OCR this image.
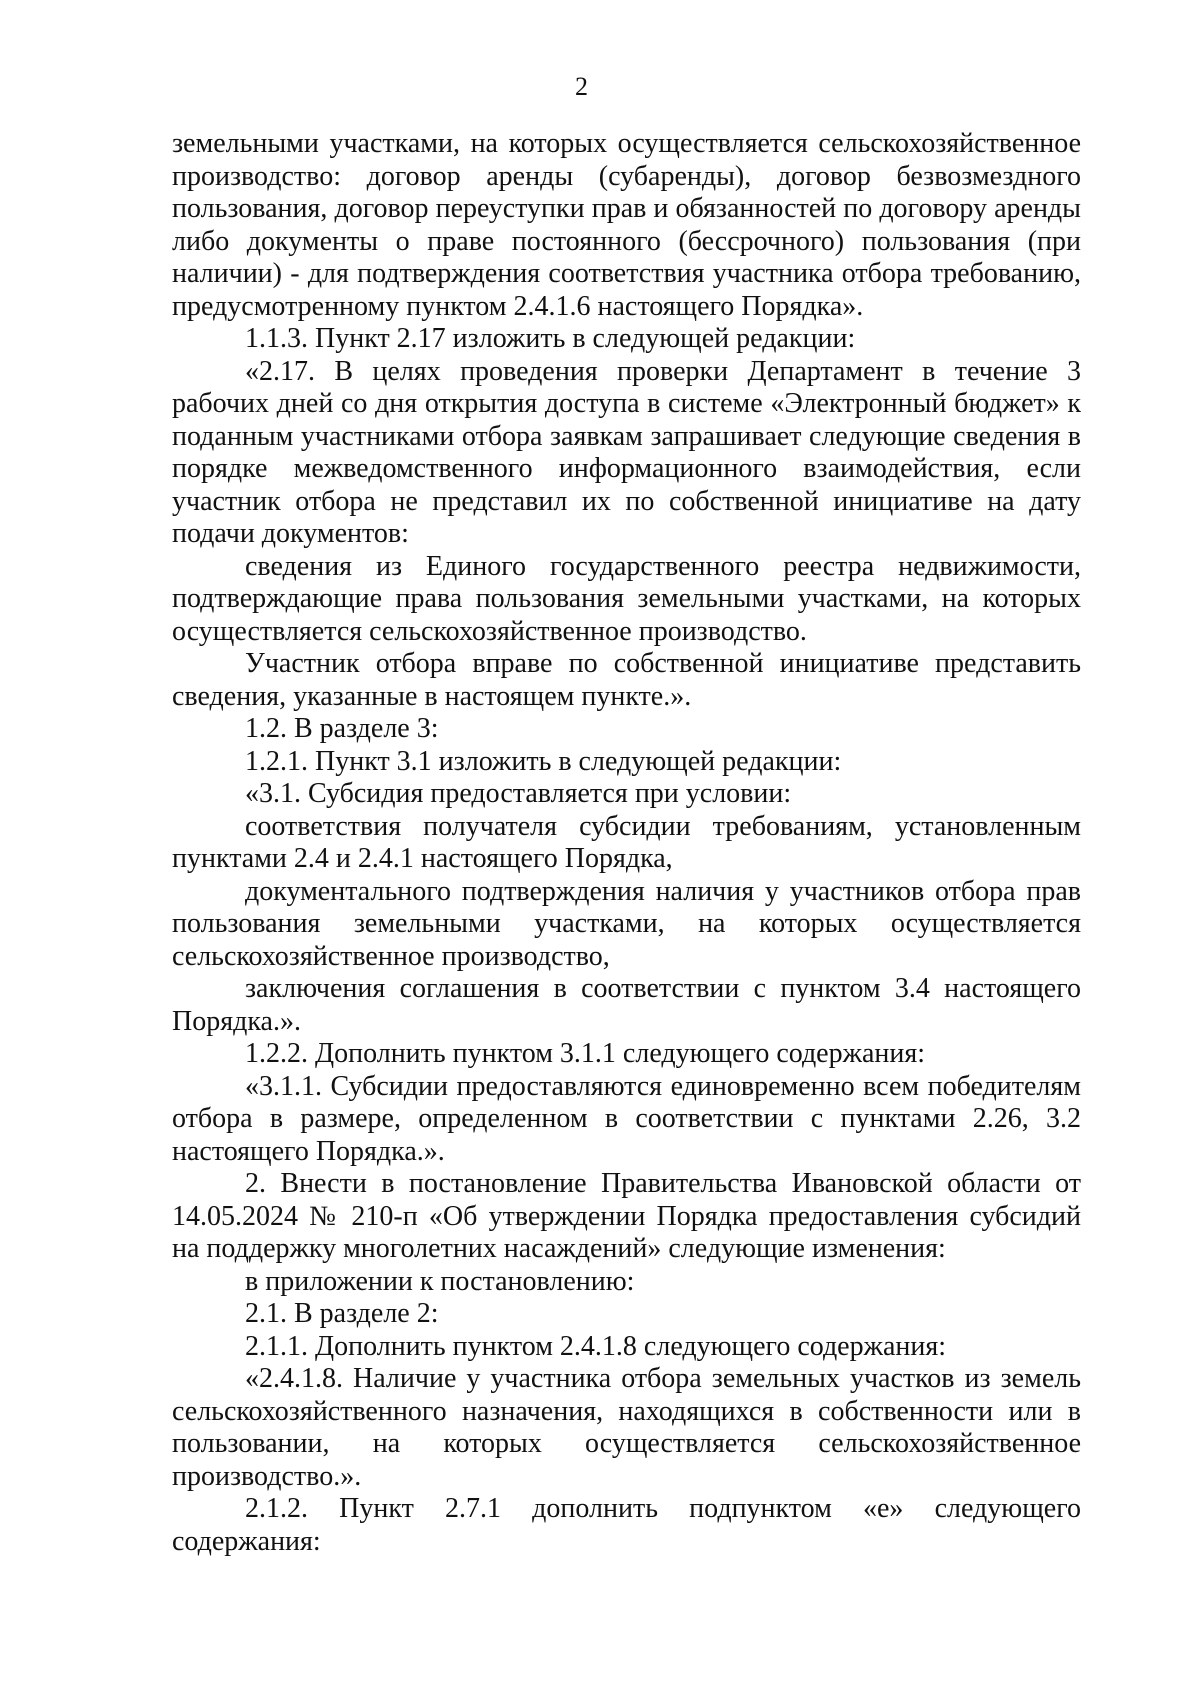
2

земельными участками, на которых осуществляется сельскохозяйственное производство: договор аренды (субаренды), договор безвозмездного пользования, договор переуступки прав и обязанностей по договору аренды либо документы о праве постоянного (бессрочного) пользования (при наличии) - для подтверждения соответствия участника отбора требованию, предусмотренному пунктом 2.4.1.6 настоящего Порядка».

1.1.3. Пункт 2.17 изложить в следующей редакции:

«2.17. В целях проведения проверки Департамент в течение 3 рабочих дней со дня открытия доступа в системе «Электронный бюджет» к поданным участниками отбора заявкам запрашивает следующие сведения в порядке межведомственного информационного взаимодействия, если участник отбора не представил их по собственной инициативе на дату подачи документов:

сведения из Единого государственного реестра недвижимости, подтверждающие права пользования земельными участками, на которых осуществляется сельскохозяйственное производство.

Участник отбора вправе по собственной инициативе представить сведения, указанные в настоящем пункте.».

1.2. В разделе 3:

1.2.1. Пункт 3.1 изложить в следующей редакции:

«3.1. Субсидия предоставляется при условии:

соответствия получателя субсидии требованиям, установленным пунктами 2.4 и 2.4.1 настоящего Порядка,

документального подтверждения наличия у участников отбора прав пользования земельными участками, на которых осуществляется сельскохозяйственное производство,

заключения соглашения в соответствии с пунктом 3.4 настоящего Порядка.».

1.2.2. Дополнить пунктом 3.1.1 следующего содержания:

«3.1.1. Субсидии предоставляются единовременно всем победителям отбора в размере, определенном в соответствии с пунктами 2.26, 3.2 настоящего Порядка.».

2. Внести в постановление Правительства Ивановской области от 14.05.2024 № 210-п «Об утверждении Порядка предоставления субсидий на поддержку многолетних насаждений» следующие изменения:

в приложении к постановлению:

2.1. В разделе 2:

2.1.1. Дополнить пунктом 2.4.1.8 следующего содержания:

«2.4.1.8. Наличие у участника отбора земельных участков из земель сельскохозяйственного назначения, находящихся в собственности или в пользовании, на которых осуществляется сельскохозяйственное производство.».

2.1.2. Пункт 2.7.1 дополнить подпунктом «е» следующего содержания:
